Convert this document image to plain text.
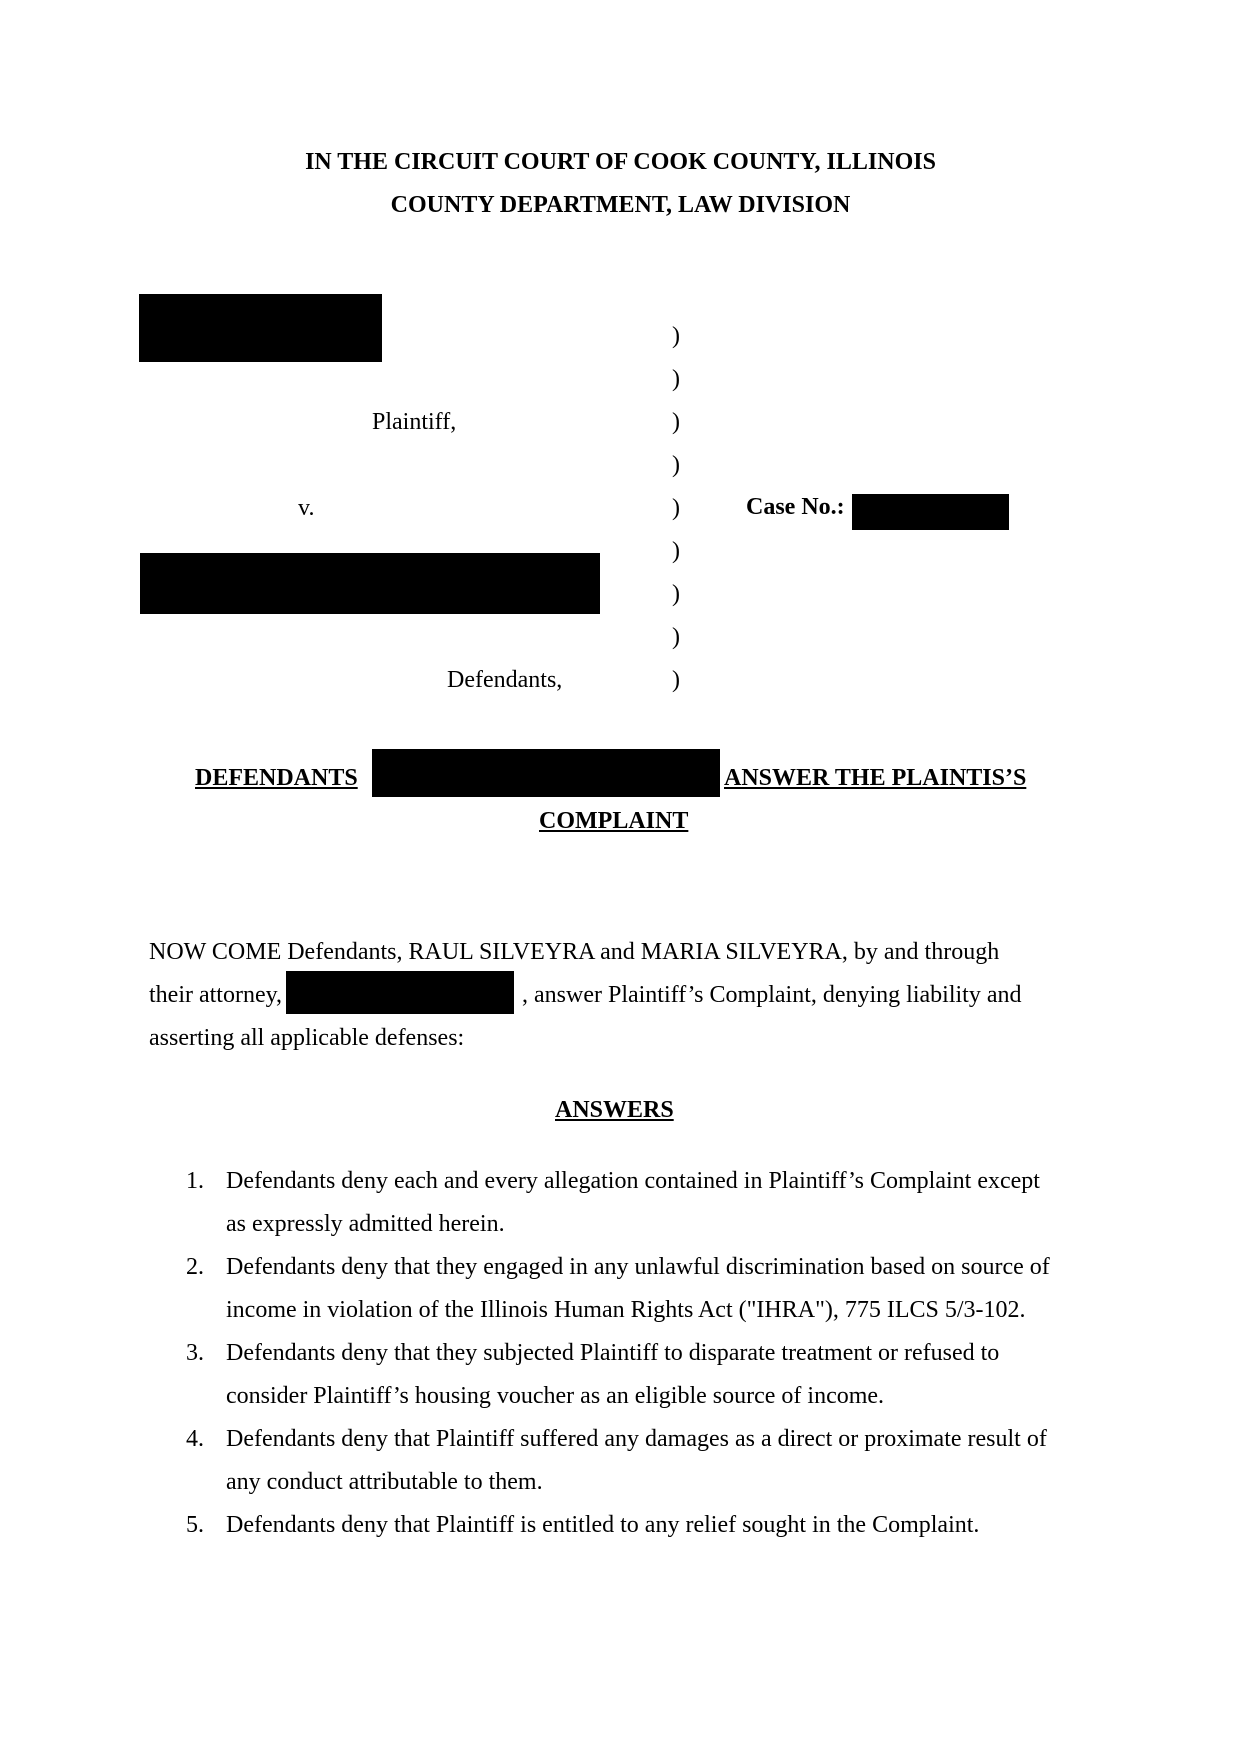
IN THE CIRCUIT COURT OF COOK COUNTY, ILLINOIS
COUNTY DEPARTMENT, LAW DIVISION
Plaintiff,
v.
Defendants,
)
)
)
)
)
)
)
)
)
Case No.:
DEFENDANTS	ANSWER THE PLAINTIS’S
COMPLAINT
NOW COME Defendants, RAUL SILVEYRA and MARIA SILVEYRA, by and through
their attorney,	, answer Plaintiff’s Complaint, denying liability and
asserting all applicable defenses:
ANSWERS
1. Defendants deny each and every allegation contained in Plaintiff’s Complaint except
as expressly admitted herein.
2. Defendants deny that they engaged in any unlawful discrimination based on source of
income in violation of the Illinois Human Rights Act ("IHRA"), 775 ILCS 5/3-102.
3. Defendants deny that they subjected Plaintiff to disparate treatment or refused to
consider Plaintiff’s housing voucher as an eligible source of income.
4. Defendants deny that Plaintiff suffered any damages as a direct or proximate result of
any conduct attributable to them.
5. Defendants deny that Plaintiff is entitled to any relief sought in the Complaint.
